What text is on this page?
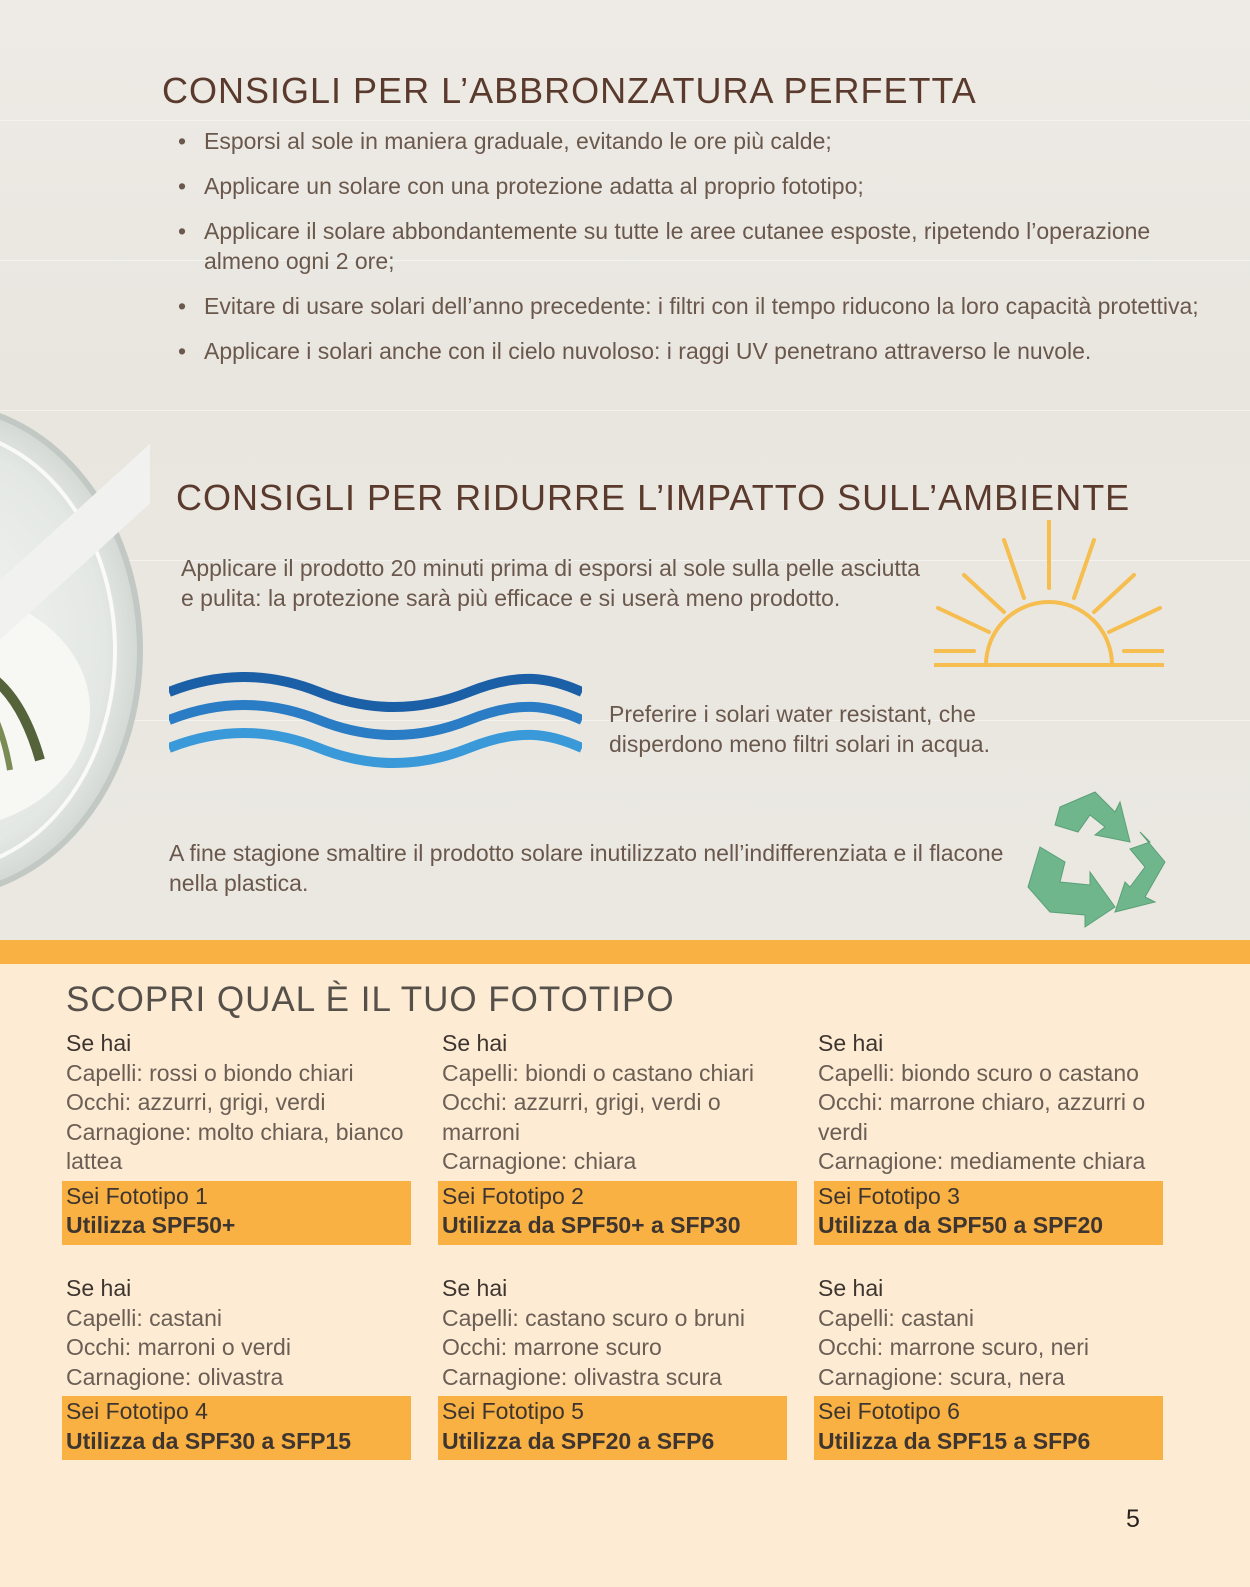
CONSIGLI PER L’ABBRONZATURA PERFETTA
• Esporsi al sole in maniera graduale, evitando le ore più calde;
• Applicare un solare con una protezione adatta al proprio fototipo;
• Applicare il solare abbondantemente su tutte le aree cutanee esposte, ripetendo l’operazione almeno ogni 2 ore;
• Evitare di usare solari dell’anno precedente: i filtri con il tempo riducono la loro capacità protettiva;
• Applicare i solari anche con il cielo nuvoloso: i raggi UV penetrano attraverso le nuvole.
CONSIGLI PER RIDURRE L’IMPATTO SULL’AMBIENTE

Applicare il prodotto 20 minuti prima di esporsi al sole sulla pelle asciutta e pulita: la protezione sarà più efficace e si userà meno prodotto.

Preferire i solari water resistant, che disperdono meno filtri solari in acqua.

A fine stagione smaltire il prodotto solare inutilizzato nell’indifferenziata e il flacone nella plastica.

SCOPRI QUAL È IL TUO FOTOTIPO
Se hai
Capelli: rossi o biondo chiari
Occhi: azzurri, grigi, verdi
Carnagione: molto chiara, bianco lattea
Sei Fototipo 1
Utilizza SPF50+
Se hai
Capelli: biondi o castano chiari
Occhi: azzurri, grigi, verdi o marroni
Carnagione: chiara
Sei Fototipo 2
Utilizza da SPF50+ a SFP30
Se hai
Capelli: biondo scuro o castano
Occhi: marrone chiaro, azzurri o verdi
Carnagione: mediamente chiara
Sei Fototipo 3
Utilizza da SPF50 a SPF20
Se hai
Capelli: castani
Occhi: marroni o verdi
Carnagione: olivastra
Sei Fototipo 4
Utilizza da SPF30 a SFP15
Se hai
Capelli: castano scuro o bruni
Occhi: marrone scuro
Carnagione: olivastra scura
Sei Fototipo 5
Utilizza da SPF20 a SFP6
Se hai
Capelli: castani
Occhi: marrone scuro, neri
Carnagione: scura, nera
Sei Fototipo 6
Utilizza da SPF15 a SFP6
5
